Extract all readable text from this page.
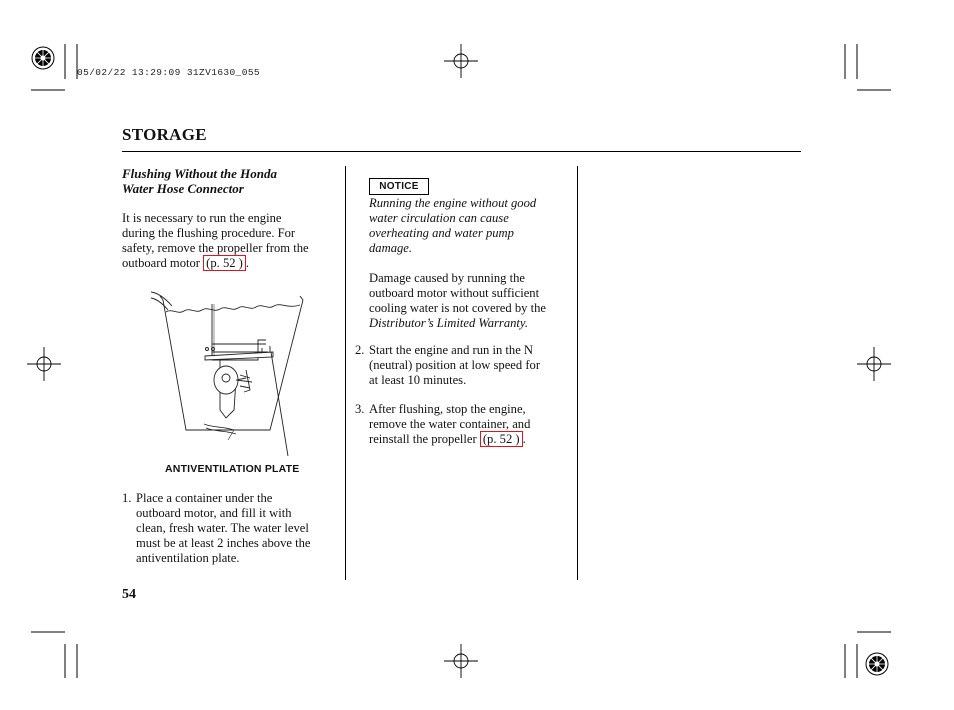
05/02/22 13:29:09 31ZV1630_055
STORAGE
Flushing Without the Honda
Water Hose Connector
It is necessary to run the engine
during the flushing procedure. For
safety, remove the propeller from the
outboard motor (p. 52 ) .
ANTIVENTILATION PLATE
1. Place a container under the
outboard motor, and fill it with
clean, fresh water. The water level
must be at least 2 inches above the
antiventilation plate.
NOTICE
Running the engine without good
water circulation can cause
overheating and water pump
damage.
Damage caused by running the
outboard motor without sufficient
cooling water is not covered by the
Distributor’s Limited Warranty.
2. Start the engine and run in the N
(neutral) position at low speed for
at least 10 minutes.
3. After flushing, stop the engine,
remove the water container, and
reinstall the propeller (p. 52 ) .
54
